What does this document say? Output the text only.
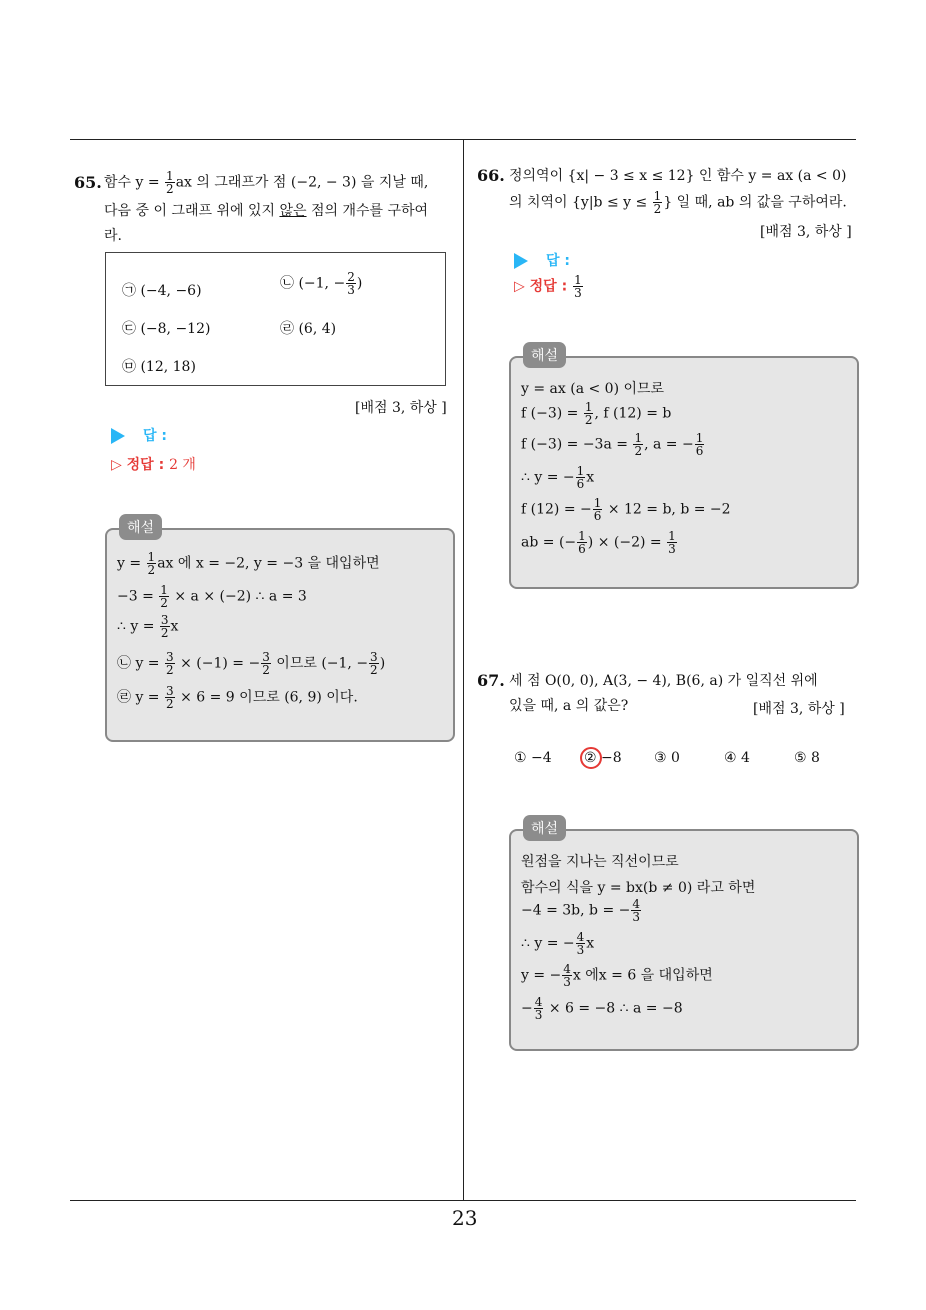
23
65. 함수 $y = \frac{1}{2}$ ax 의 그래프가 점 (−2, − 3) 을 지날 때,
다음 중 이 그래프 위에 있지 않은 점의 개수를 구하여
라.
㉠ (−4, −6)	㉡ (−1, − $\frac{2}{3}$ )
㉢ (−8, −12)	㉣ (6, 4)
㉤ (12, 18)
[배점 3, 하상 ]
답 :
▷ 정답 : 2 개
해설
$y = \frac{1}{2}$ ax 에 x = −2, y = −3 을 대입하면
$-3 = \frac{1}{2} \times a \times (-2)$ ∴ a = 3
∴ $y = \frac{3}{2}$ x
㉡ $y = \frac{3}{2} \times (-1)$ = − $\frac{3}{2}$ 이므로 (−1, − $\frac{3}{2}$ )
㉣ $y = \frac{3}{2} \times 6 = 9$ 이므로 (6, 9) 이다.
66. 정의역이 {x| − 3 ≤ x ≤ 12} 인 함수 y = ax (a < 0)
의 치역이 {$y|b \le y \le \frac{1}{2}$ } 일 때, ab 의 값을 구하여라.
[배점 3, 하상 ]
답 :
▷ 정답 : $\frac{1}{3}$
해설
y = ax (a < 0) 이므로
f $(-3) = \frac{1}{2}$ , f (12) = b
f $(-3) = -3a = \frac{1}{2}$ , a = − $\frac{1}{6}$
∴ y = − $\frac{1}{6}$ x
f (12) = − $\frac{1}{6} \times 12 = b$, b = −2
ab = (− $\frac{1}{6}$ ) × $(-2) = \frac{1}{3}$
67. 세 점 O(0, 0), A(3, − 4), B(6, a) 가 일직선 위에
있을 때, a 의 값은?	[배점 3, 하상 ]
① −4 ② −8 ③ 0	④ 4	⑤ 8
해설
원점을 지나는 직선이므로
함수의 식을 y = bx(b ≠ 0) 라고 하면
−4 = 3b, b = − $\frac{4}{3}$
∴ y = − $\frac{4}{3}$ x
y = − $\frac{4}{3}$ x 에x = 6 을 대입하면
− $\frac{4}{3} \times 6 = -8$ ∴ a = −8
